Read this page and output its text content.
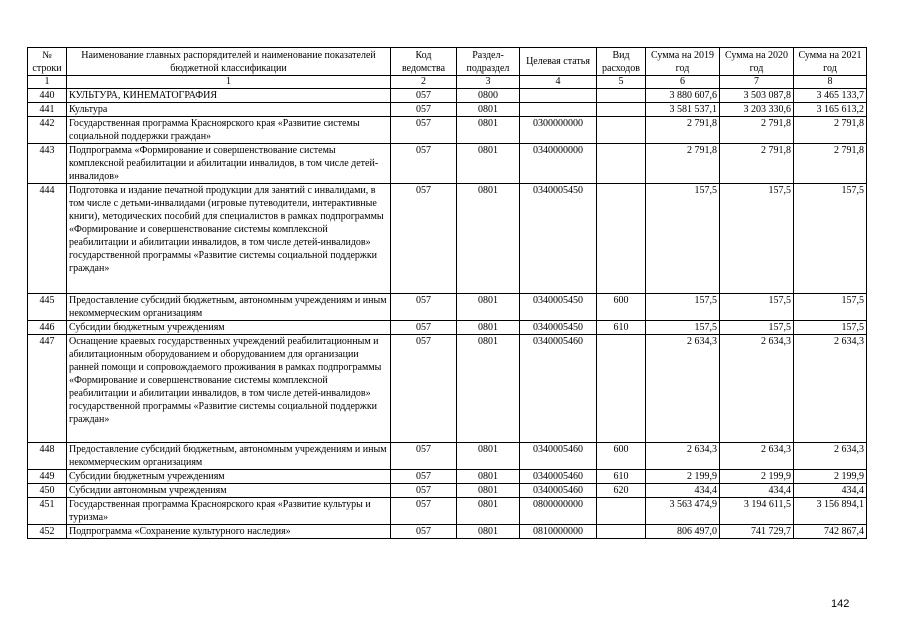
№ строки	Наименование главных распорядителей и наименование показателей бюджетной классификации	Код ведомства	Раздел-подраздел	Целевая статья	Вид расходов	Сумма на 2019 год	Сумма на 2020 год	Сумма на 2021 год
1	1	2	3	4	5	6	7	8
440	КУЛЬТУРА, КИНЕМАТОГРАФИЯ	057	0800			3 880 607,6	3 503 087,8	3 465 133,7
441	Культура	057	0801			3 581 537,1	3 203 330,6	3 165 613,2
442	Государственная программа Красноярского края «Развитие системы социальной поддержки граждан»	057	0801	0300000000		2 791,8	2 791,8	2 791,8
443	Подпрограмма «Формирование и совершенствование системы комплексной реабилитации и абилитации инвалидов, в том числе детей-инвалидов»	057	0801	0340000000		2 791,8	2 791,8	2 791,8
444	Подготовка и издание печатной продукции для занятий с инвалидами, в том числе с детьми-инвалидами (игровые путеводители, интерактивные книги), методических пособий для специалистов в рамках подпрограммы «Формирование и совершенствование системы комплексной реабилитации и абилитации инвалидов, в том числе детей-инвалидов» государственной программы «Развитие системы социальной поддержки граждан»	057	0801	0340005450		157,5	157,5	157,5
445	Предоставление субсидий бюджетным, автономным учреждениям и иным некоммерческим организациям	057	0801	0340005450	600	157,5	157,5	157,5
446	Субсидии бюджетным учреждениям	057	0801	0340005450	610	157,5	157,5	157,5
447	Оснащение краевых государственных учреждений реабилитационным и абилитационным оборудованием и оборудованием для организации ранней помощи и сопровождаемого проживания в рамках подпрограммы «Формирование и совершенствование системы комплексной реабилитации и абилитации инвалидов, в том числе детей-инвалидов» государственной программы «Развитие системы социальной поддержки граждан»	057	0801	0340005460		2 634,3	2 634,3	2 634,3
448	Предоставление субсидий бюджетным, автономным учреждениям и иным некоммерческим организациям	057	0801	0340005460	600	2 634,3	2 634,3	2 634,3
449	Субсидии бюджетным учреждениям	057	0801	0340005460	610	2 199,9	2 199,9	2 199,9
450	Субсидии автономным учреждениям	057	0801	0340005460	620	434,4	434,4	434,4
451	Государственная программа Красноярского края «Развитие культуры и туризма»	057	0801	0800000000		3 563 474,9	3 194 611,5	3 156 894,1
452	Подпрограмма «Сохранение культурного наследия»	057	0801	0810000000		806 497,0	741 729,7	742 867,4
142
